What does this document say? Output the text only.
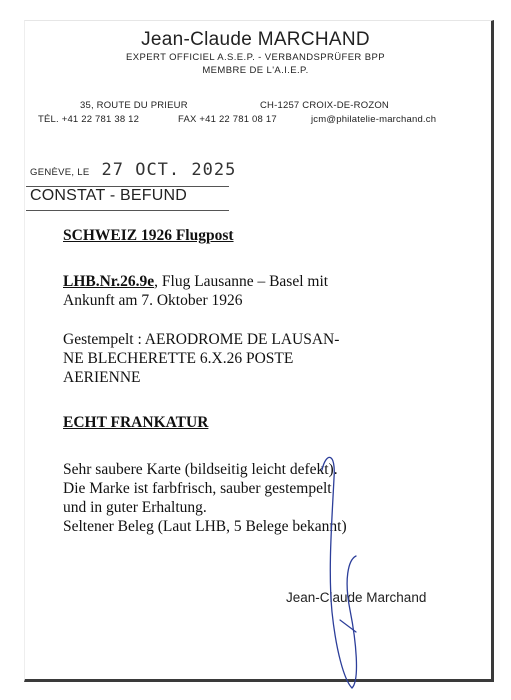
Jean-Claude MARCHAND
EXPERT OFFICIEL A.S.E.P. - VERBANDSPRÜFER BPP
MEMBRE DE L'A.I.E.P.
35, ROUTE DU PRIEUR	CH-1257 CROIX-DE-ROZON
TÉL. +41 22 781 38 12	FAX +41 22 781 08 17	jcm@philatelie-marchand.ch
GENÈVE, LE 27 OCT. 2025
CONSTAT - BEFUND
SCHWEIZ 1926 Flugpost
LHB.Nr.26.9e, Flug Lausanne – Basel mit
Ankunft am 7. Oktober 1926
Gestempelt : AERODROME DE LAUSAN-
NE BLECHERETTE 6.X.26 POSTE
AERIENNE
ECHT FRANKATUR
Sehr saubere Karte (bildseitig leicht defekt).
Die Marke ist farbfrisch, sauber gestempelt
und in guter Erhaltung.
Seltener Beleg (Laut LHB, 5 Belege bekannt)
Jean-Claude Marchand
